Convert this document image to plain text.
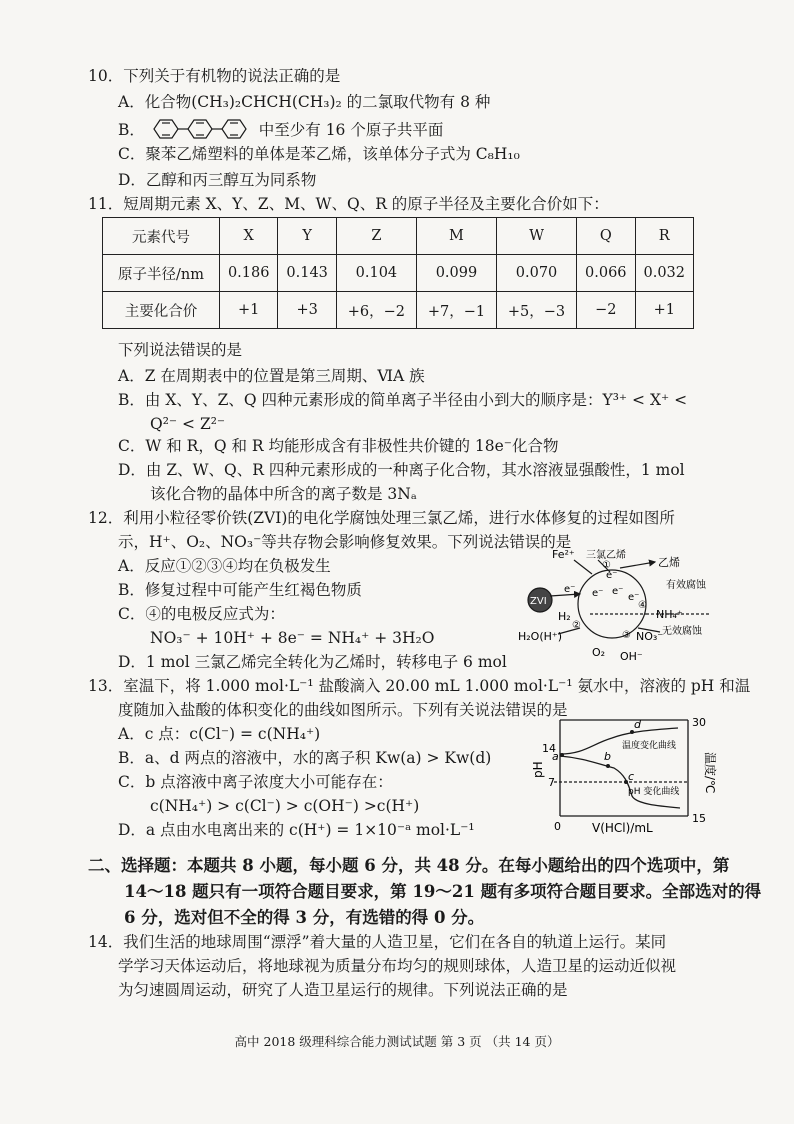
10．下列关于有机物的说法正确的是
A．化合物(CH₃)₂CHCH(CH₃)₂ 的二氯取代物有 8 种
B．	中至少有 16 个原子共平面
C．聚苯乙烯塑料的单体是苯乙烯，该单体分子式为 C₈H₁₀
D．乙醇和丙三醇互为同系物
11．短周期元素 X、Y、Z、M、W、Q、R 的原子半径及主要化合价如下：
元素代号	X	Y	Z	M	W	Q	R
原子半径/nm	0.186	0.143	0.104	0.099	0.070	0.066	0.032
主要化合价	+1	+3	+6，−2	+7，−1	+5，−3	−2	+1
下列说法错误的是
A．Z 在周期表中的位置是第三周期、ⅥA 族
B．由 X、Y、Z、Q 四种元素形成的简单离子半径由小到大的顺序是：Y³⁺ < X⁺ <
Q²⁻ < Z²⁻
C．W 和 R，Q 和 R 均能形成含有非极性共价键的 18e⁻化合物
D．由 Z、W、Q、R 四种元素形成的一种离子化合物，其水溶液显强酸性，1 mol
该化合物的晶体中所含的离子数是 3Nₐ
12．利用小粒径零价铁(ZVI)的电化学腐蚀处理三氯乙烯，进行水体修复的过程如图所
示，H⁺、O₂、NO₃⁻等共存物会影响修复效果。下列说法错误的是
A．反应①②③④均在负极发生
B．修复过程中可能产生红褐色物质
C．④的电极反应式为：
NO₃⁻ + 10H⁺ + 8e⁻ = NH₄⁺ + 3H₂O
D．1 mol 三氯乙烯完全转化为乙烯时，转移电子 6 mol
Fe²⁺ 三氯乙烯
乙烯
ZVI
有效腐蚀
无效腐蚀
H₂	NH₄⁺
H₂O(H⁺)	NO₃⁻
O₂ OH⁻
e⁻
e⁻ e⁻
e⁻
e⁻
①
②
③
④
13．室温下，将 1.000 mol·L⁻¹ 盐酸滴入 20.00 mL 1.000 mol·L⁻¹ 氨水中，溶液的 pH 和温
度随加入盐酸的体积变化的曲线如图所示。下列有关说法错误的是
A．c 点：c(Cl⁻) = c(NH₄⁺)
B．a、d 两点的溶液中，水的离子积 Kw(a) > Kw(d)
C．b 点溶液中离子浓度大小可能存在：
c(NH₄⁺) > c(Cl⁻) > c(OH⁻) >c(H⁺)
D．a 点由水电离出来的 c(H⁺) = 1×10⁻ᵃ mol·L⁻¹
pH	温度/℃
V(HCl)/mL
14
7
0
30
15
温度变化曲线
pH 变化曲线
a	b
c
d
二、选择题：本题共 8 小题，每小题 6 分，共 48 分。在每小题给出的四个选项中，第
14～18 题只有一项符合题目要求，第 19～21 题有多项符合题目要求。全部选对的得
6 分，选对但不全的得 3 分，有选错的得 0 分。
14．我们生活的地球周围“漂浮”着大量的人造卫星，它们在各自的轨道上运行。某同
学学习天体运动后，将地球视为质量分布均匀的规则球体，人造卫星的运动近似视
为匀速圆周运动，研究了人造卫星运行的规律。下列说法正确的是
高中 2018 级理科综合能力测试试题 第 3 页 （共 14 页）
